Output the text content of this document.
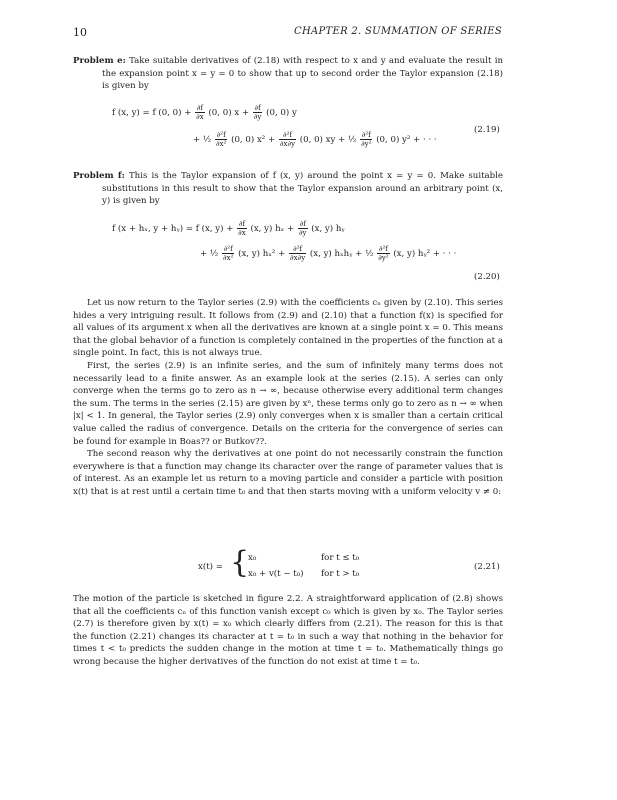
10	CHAPTER 2. SUMMATION OF SERIES

Problem e: Take suitable derivatives of (2.18) with respect to x and y and evaluate the result in the expansion point x = y = 0 to show that up to second order the Taylor expansion (2.18) is given by

f (x, y) = f (0, $0) + \frac{\partial f}{\partial x} (0$, 0) $x + \frac{\partial f}{\partial y} (0$, 0) y
+ ½ $\frac{\text{∂²f}}{\text{∂x²}} (0$, 0) $x^2 + \frac{\text{∂²f}}{\partial x\partial y} (0$, 0) xy + ½ $\frac{\text{∂²f}}{\text{∂y²}} (0$, 0) y² + · · ·
(2.19)

Problem f: This is the Taylor expansion of f (x, y) around the point x = y = 0. Make suitable substitutions in this result to show that the Taylor expansion around an arbitrary point (x, y) is given by

f (x + hₓ, y + hᵧ) = f (x, $y) + \frac{\partial f}{\partial x} (x$, y) $h_x + \frac{\partial f}{\partial y} (x$, y) hᵧ
+ ½ $\frac{\text{∂²f}}{\text{∂x²}} (x$, y) $h_x^2 + \frac{\text{∂²f}}{\partial x\partial y} (x$, y) hₓhᵧ + ½ $\frac{\text{∂²f}}{\text{∂y²}} (x$, y) hᵧ² + · · ·
(2.20)

Let us now return to the Taylor series (2.9) with the coefficients cₙ given by (2.10). This series hides a very intriguing result. It follows from (2.9) and (2.10) that a function f(x) is specified for all values of its argument x when all the derivatives are known at a single point x = 0. This means that the global behavior of a function is completely contained in the properties of the function at a single point. In fact, this is not always true.

First, the series (2.9) is an infinite series, and the sum of infinitely many terms does not necessarily lead to a finite answer. As an example look at the series (2.15). A series can only converge when the terms go to zero as n → ∞, because otherwise every additional term changes the sum. The terms in the series (2.15) are given by xⁿ, these terms only go to zero as n → ∞ when |x| < 1. In general, the Taylor series (2.9) only converges when x is smaller than a certain critical value called the radius of convergence. Details on the criteria for the convergence of series can be found for example in Boas?? or Butkov??.

The second reason why the derivatives at one point do not necessarily constrain the function everywhere is that a function may change its character over the range of parameter values that is of interest. As an example let us return to a moving particle and consider a particle with position x(t) that is at rest until a certain time t₀ and that then starts moving with a uniform velocity v ≠ 0:

x(t) = {
x₀	for t ≤ t₀
x₀ + v(t − t₀) for t > t₀
(2.21)

The motion of the particle is sketched in figure 2.2. A straightforward application of (2.8) shows that all the coefficients cₙ of this function vanish except c₀ which is given by x₀. The Taylor series (2.7) is therefore given by x(t) = x₀ which clearly differs from (2.21). The reason for this is that the function (2.21) changes its character at t = t₀ in such a way that nothing in the behavior for times t < t₀ predicts the sudden change in the motion at time t = t₀. Mathematically things go wrong because the higher derivatives of the function do not exist at time t = t₀.
